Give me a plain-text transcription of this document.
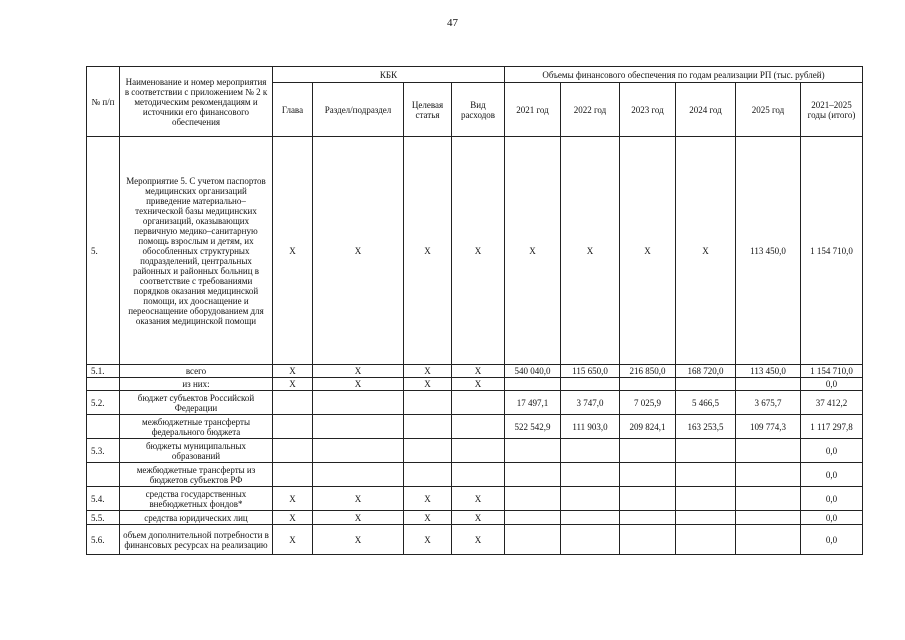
47
№ п/п	Наименование и номер мероприятия в соответствии с приложением № 2 к методическим рекомендациям и источники его финансового обеспечения	КБК				Объемы финансового обеспечения по годам реализации РП (тыс. рублей)					
		Глава	Раздел/подраздел	Целевая статья	Вид расходов	2021 год	2022 год	2023 год	2024 год	2025 год	2021–2025 годы (итого)
5.	Мероприятие 5. С учетом паспортов медицинских организаций приведение материально–технической базы медицинских организаций, оказывающих первичную медико–санитарную помощь взрослым и детям, их обособленных структурных подразделений, центральных районных и районных больниц в соответствие с требованиями порядков оказания медицинской помощи, их дооснащение и переоснащение оборудованием для оказания медицинской помощи	X	X	X	X	X	X	X	X	113 450,0	1 154 710,0
5.1.	всего	X	X	X	X	540 040,0	115 650,0	216 850,0	168 720,0	113 450,0	1 154 710,0
	из них:	X	X	X	X						0,0
5.2.	бюджет субъектов Российской Федерации					17 497,1	3 747,0	7 025,9	5 466,5	3 675,7	37 412,2
	межбюджетные трансферты федерального бюджета					522 542,9	111 903,0	209 824,1	163 253,5	109 774,3	1 117 297,8
5.3.	бюджеты муниципальных образований										0,0
	межбюджетные трансферты из бюджетов субъектов РФ										0,0
5.4.	средства государственных внебюджетных фондов*	X	X	X	X						0,0
5.5.	средства юридических лиц	X	X	X	X						0,0
5.6.	объем дополнительной потребности в финансовых ресурсах на реализацию	X	X	X	X						0,0
